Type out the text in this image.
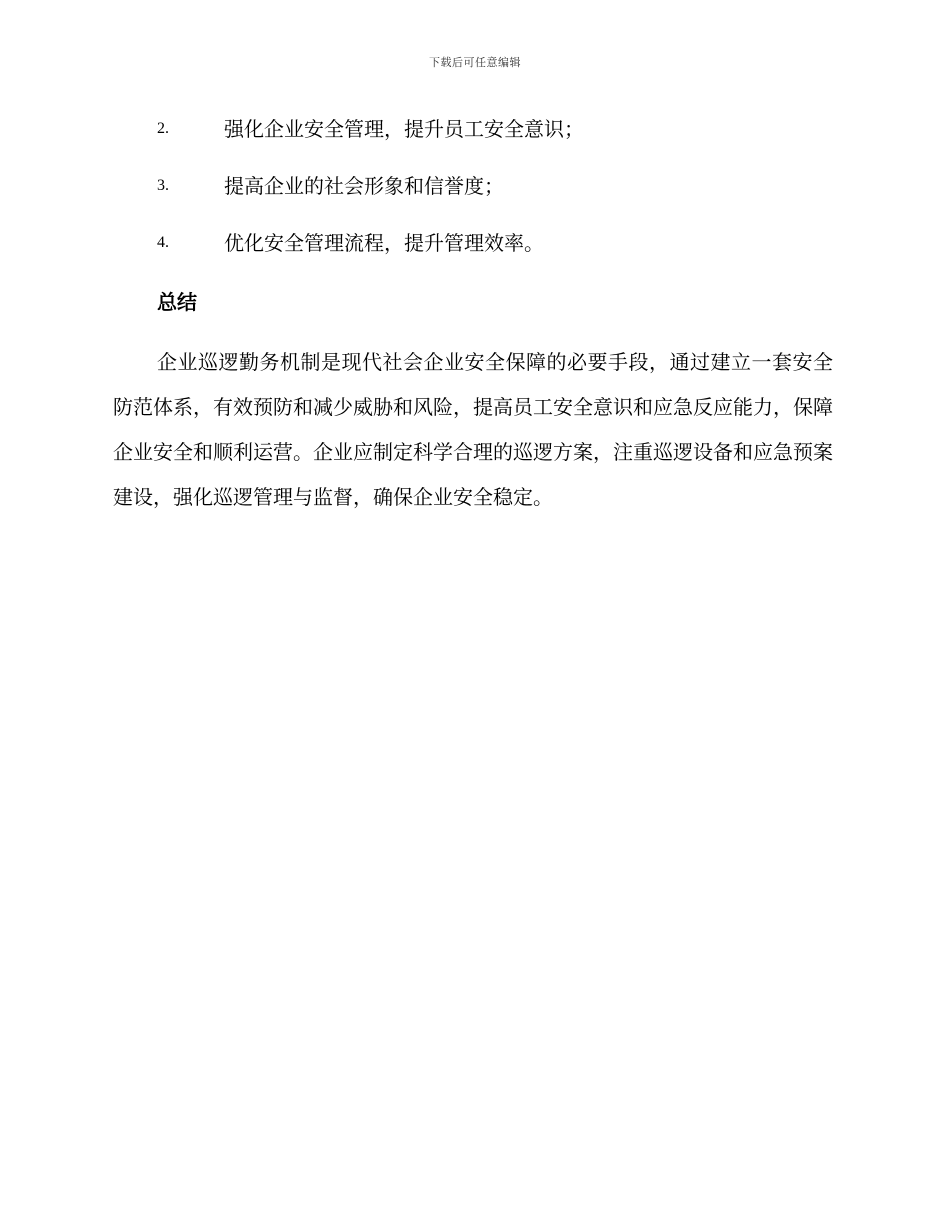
下载后可任意编辑
2.	强化企业安全管理，提升员工安全意识；
3.	提高企业的社会形象和信誉度；
4.	优化安全管理流程，提升管理效率。
总结
企业巡逻勤务机制是现代社会企业安全保障的必要手段，通过建立一套安全防范体系，有效预防和减少威胁和风险，提高员工安全意识和应急反应能力，保障企业安全和顺利运营。企业应制定科学合理的巡逻方案，注重巡逻设备和应急预案建设，强化巡逻管理与监督，确保企业安全稳定。
